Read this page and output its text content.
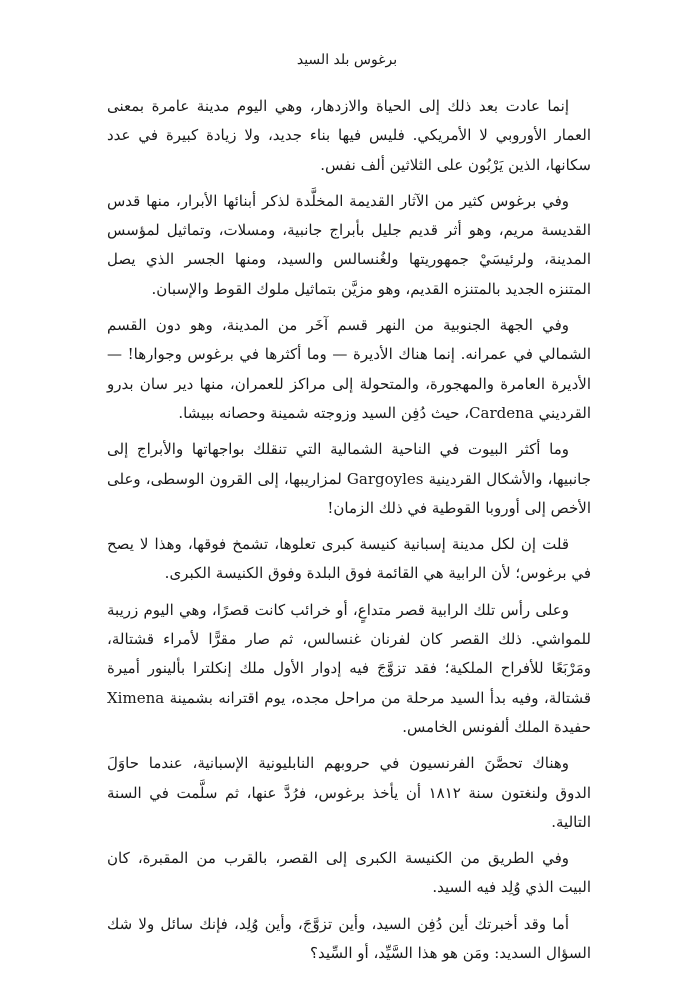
برغوس بلد السيد

إنما عادت بعد ذلك إلى الحياة والازدهار، وهي اليوم مدينة عامرة بمعنى العمار الأوروبي لا الأمريكي. فليس فيها بناء جديد، ولا زيادة كبيرة في عدد سكانها، الذين يَرْبُون على الثلاثين ألف نفس.

وفي برغوس كثير من الآثار القديمة المخلَّدة لذكر أبنائها الأبرار، منها قدس القديسة مريم، وهو أثر قديم جليل بأبراج جانبية، ومسلات، وتماثيل لمؤسس المدينة، ولرئيسَيْ جمهوريتها ولغُنسالس والسيد، ومنها الجسر الذي يصل المتنزه الجديد بالمتنزه القديم، وهو مزيَّن بتماثيل ملوك القوط والإسبان.

وفي الجهة الجنوبية من النهر قسم آخَر من المدينة، وهو دون القسم الشمالي في عمرانه. إنما هناك الأديرة — وما أكثرها في برغوس وجوارها! — الأديرة العامرة والمهجورة، والمتحولة إلى مراكز للعمران، منها دير سان بدرو القرديني Cardena، حيث دُفِن السيد وزوجته شمينة وحصانه ببيشا.

وما أكثر البيوت في الناحية الشمالية التي تنقلك بواجهاتها والأبراج إلى جانبيها، والأشكال القردينية Gargoyles لمزاريبها، إلى القرون الوسطى، وعلى الأخص إلى أوروبا القوطية في ذلك الزمان!

قلت إن لكل مدينة إسبانية كنيسة كبرى تعلوها، تشمخ فوقها، وهذا لا يصح في برغوس؛ لأن الرابية هي القائمة فوق البلدة وفوق الكنيسة الكبرى.

وعلى رأس تلك الرابية قصر متداعٍ، أو خرائب كانت قصرًا، وهي اليوم زريبة للمواشي. ذلك القصر كان لفرنان غنسالس، ثم صار مقرًّا لأمراء قشتالة، ومَرْبَعًا للأفراح الملكية؛ فقد تزوَّجَ فيه إدوار الأول ملك إنكلترا بألينور أميرة قشتالة، وفيه بدأ السيد مرحلة من مراحل مجده، يوم اقترانه بشمينة Ximena حفيدة الملك ألفونس الخامس.

وهناك تحصَّنَ الفرنسيون في حروبهم النابليونية الإسبانية، عندما حاوَلَ الدوق ولنغتون سنة ١٨١٢ أن يأخذ برغوس، فرُدَّ عنها، ثم سلَّمت في السنة التالية.

وفي الطريق من الكنيسة الكبرى إلى القصر، بالقرب من المقبرة، كان البيت الذي وُلِد فيه السيد.

أما وقد أخبرتك أين دُفِن السيد، وأين تزوَّجَ، وأين وُلِد، فإنك سائل ولا شك السؤال السديد: ومَن هو هذا السَّيِّد، أو السِّيد؟
